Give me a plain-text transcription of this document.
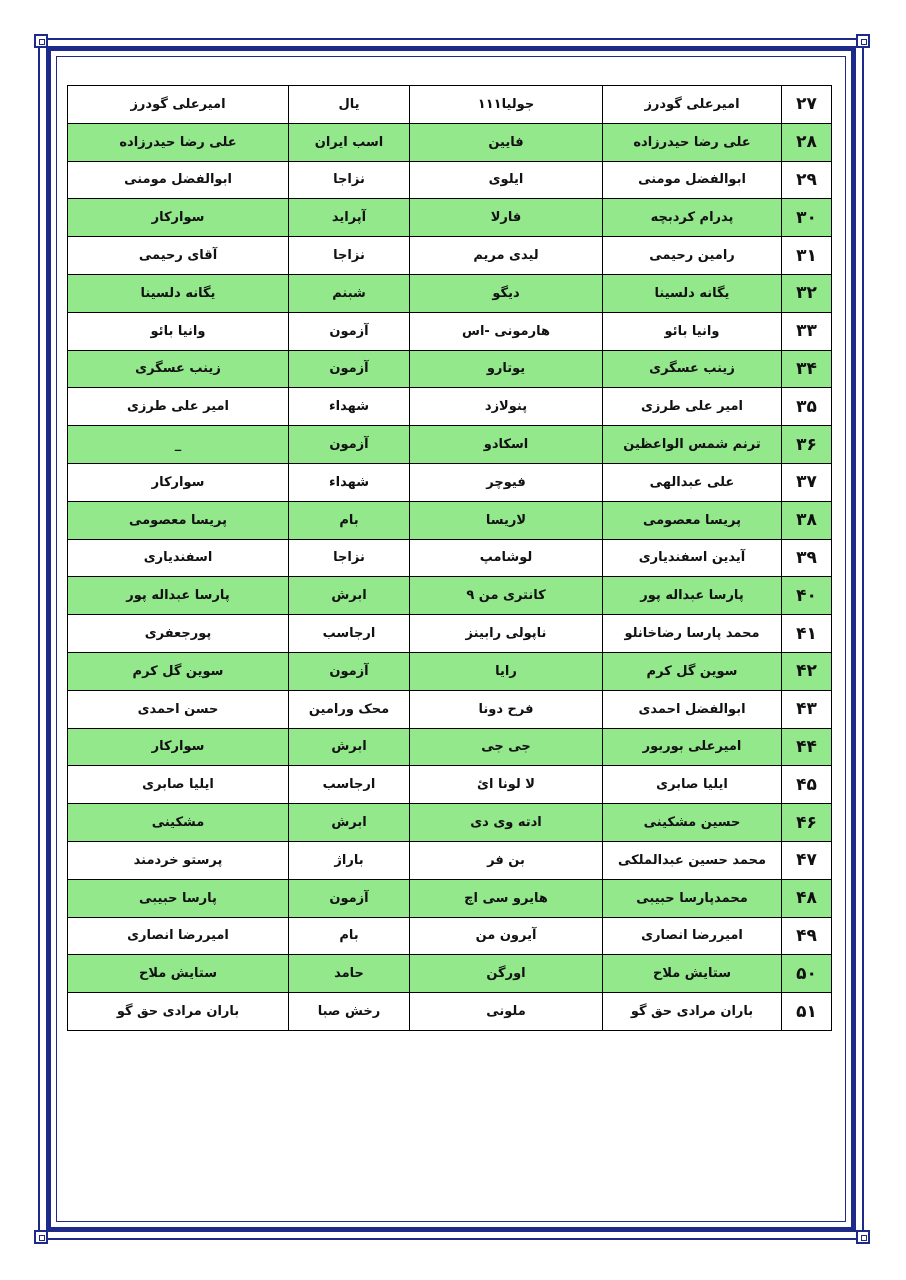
۲۷	امیرعلی گودرز	جولیا۱۱۱	یال	امیرعلی گودرز
۲۸	علی رضا حیدرزاده	فایین	اسب ایران	علی رضا حیدرزاده
۲۹	ابوالفضل مومنی	ایلوی	نزاجا	ابوالفضل مومنی
۳۰	پدرام کردبچه	فارلا	آپراید	سوارکار
۳۱	رامین رحیمی	لیدی مریم	نزاجا	آقای رحیمی
۳۲	یگانه دلسینا	دیگو	شبنم	یگانه دلسینا
۳۳	وانیا بائو	هارمونی -اس	آزمون	وانیا بائو
۳۴	زینب عسگری	یوتارو	آزمون	زینب عسگری
۳۵	امیر علی طرزی	پنولازد	شهداء	امیر علی طرزی
۳۶	ترنم شمس الواعظین	اسکادو	آزمون	_
۳۷	علی عبدالهی	فیوچر	شهداء	سوارکار
۳۸	پریسا معصومی	لاریسا	بام	پریسا معصومی
۳۹	آیدین اسفندیاری	لوشامپ	نزاجا	اسفندیاری
۴۰	پارسا عبداله پور	کانتری من ۹	ابرش	پارسا عبداله پور
۴۱	محمد پارسا رضاخانلو	ناپولی رابینز	ارجاسب	پورجعفری
۴۲	سوین گل کرم	رایا	آزمون	سوین گل کرم
۴۳	ابوالفضل احمدی	فرح دونا	محک ورامین	حسن احمدی
۴۴	امیرعلی بوربور	جی جی	ابرش	سوارکار
۴۵	ایلیا صابری	لا لونا ائ	ارجاسب	ایلیا صابری
۴۶	حسین مشکینی	ادته وی دی	ابرش	مشکینی
۴۷	محمد حسین عبدالملکی	بن فر	باراژ	پرستو خردمند
۴۸	محمدپارسا حبیبی	هایرو سی اچ	آزمون	پارسا حبیبی
۴۹	امیررضا انصاری	آیرون من	بام	امیررضا انصاری
۵۰	ستایش ملاح	اورگن	حامد	ستایش ملاح
۵۱	باران مرادی حق گو	ملونی	رخش صبا	باران مرادی حق گو
